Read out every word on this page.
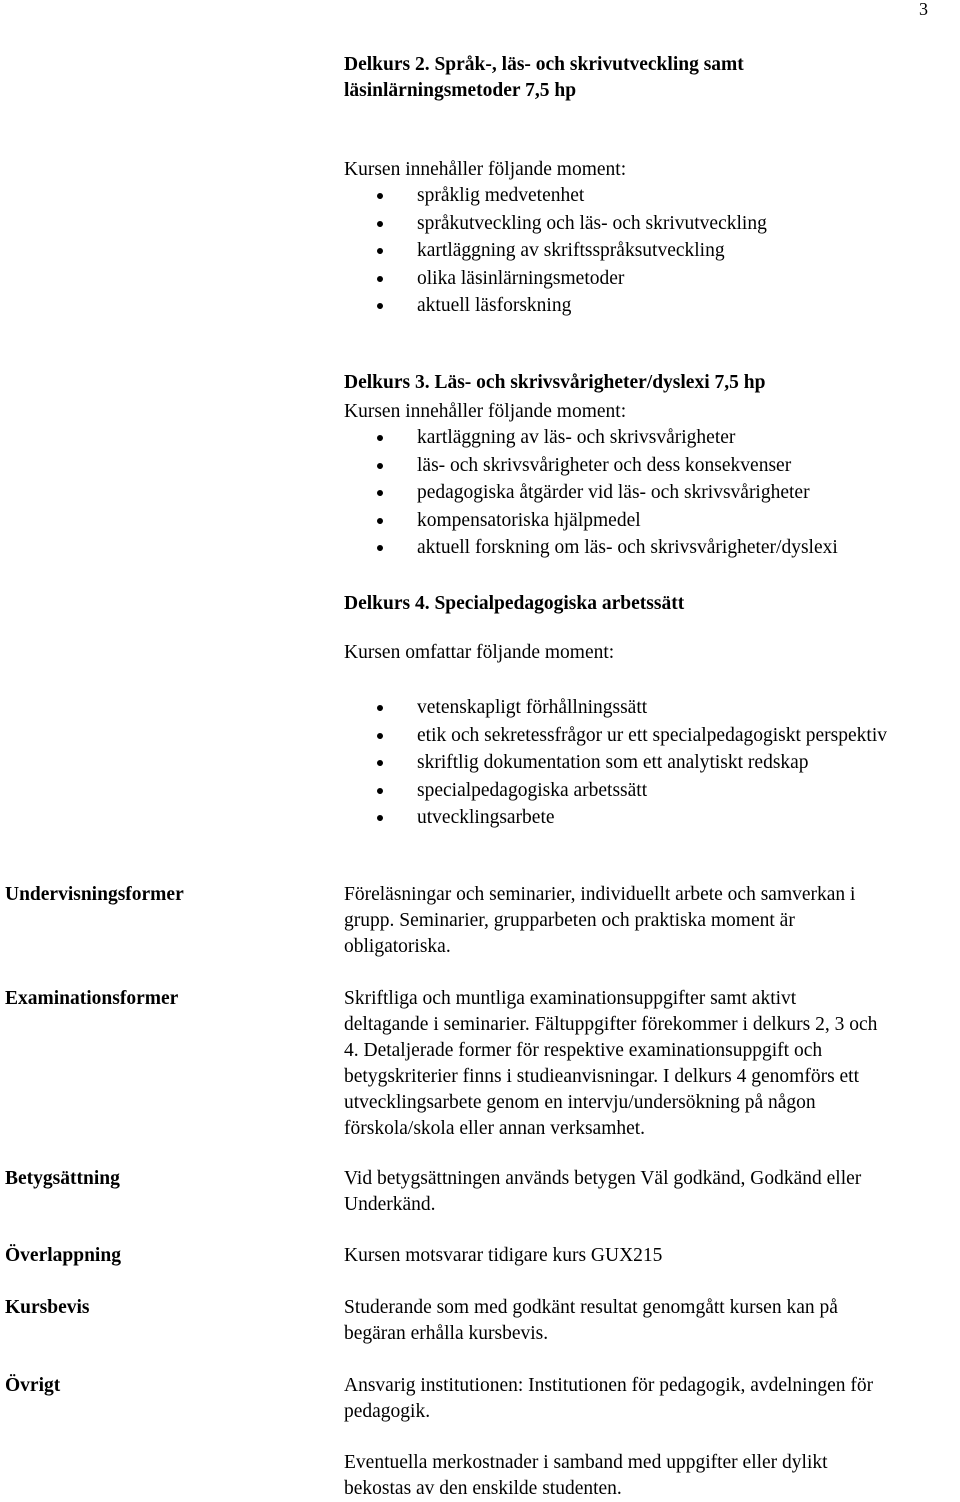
3

Delkurs 2. Språk-, läs- och skrivutveckling samt

läsinlärningsmetoder 7,5 hp

Kursen innehåller följande moment:

språklig medvetenhet
språkutveckling och läs- och skrivutveckling
kartläggning av skriftsspråksutveckling
olika läsinlärningsmetoder
aktuell läsforskning

Delkurs 3. Läs- och skrivsvårigheter/dyslexi 7,5 hp

Kursen innehåller följande moment:

kartläggning av läs- och skrivsvårigheter
läs- och skrivsvårigheter och dess konsekvenser
pedagogiska åtgärder vid läs- och skrivsvårigheter
kompensatoriska hjälpmedel
aktuell forskning om läs- och skrivsvårigheter/dyslexi

Delkurs 4. Specialpedagogiska arbetssätt

Kursen omfattar följande moment:

vetenskapligt förhållningssätt
etik och sekretessfrågor ur ett specialpedagogiskt perspektiv
skriftlig dokumentation som ett analytiskt redskap
specialpedagogiska arbetssätt
utvecklingsarbete
Undervisningsformer	Föreläsningar och seminarier, individuellt arbete och samverkan i
grupp. Seminarier, grupparbeten och praktiska moment är
obligatoriska.
Examinationsformer	Skriftliga och muntliga examinationsuppgifter samt aktivt
deltagande i seminarier. Fältuppgifter förekommer i delkurs 2, 3 och
4. Detaljerade former för respektive examinationsuppgift och
betygskriterier finns i studieanvisningar. I delkurs 4 genomförs ett
utvecklingsarbete genom en intervju/undersökning på någon
förskola/skola eller annan verksamhet.
Betygsättning	Vid betygsättningen används betygen Väl godkänd, Godkänd eller
Underkänd.
Överlappning	Kursen motsvarar tidigare kurs GUX215
Kursbevis	Studerande som med godkänt resultat genomgått kursen kan på
begäran erhålla kursbevis.
Övrigt	Ansvarig institutionen: Institutionen för pedagogik, avdelningen för
pedagogik.
Eventuella merkostnader i samband med uppgifter eller dylikt
bekostas av den enskilde studenten.
